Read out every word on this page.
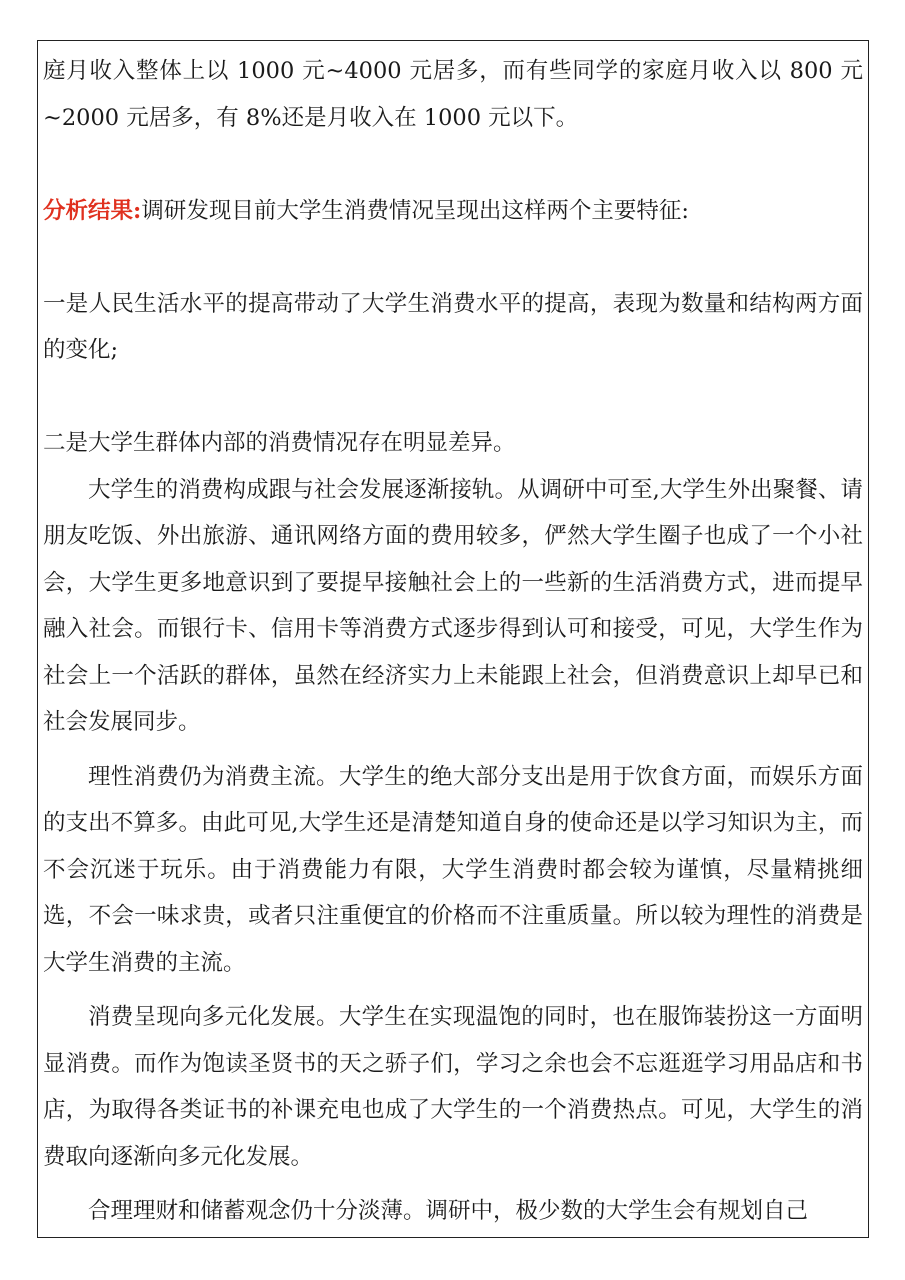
庭月收入整体上以 1000 元~4000 元居多，而有些同学的家庭月收入以 800 元~2000 元居多，有 8%还是月收入在 1000 元以下。

分析结果:调研发现目前大学生消费情况呈现出这样两个主要特征:

一是人民生活水平的提高带动了大学生消费水平的提高，表现为数量和结构两方面的变化;

二是大学生群体内部的消费情况存在明显差异。

大学生的消费构成跟与社会发展逐渐接轨。从调研中可至,大学生外出聚餐、请朋友吃饭、外出旅游、通讯网络方面的费用较多，俨然大学生圈子也成了一个小社会，大学生更多地意识到了要提早接触社会上的一些新的生活消费方式，进而提早融入社会。而银行卡、信用卡等消费方式逐步得到认可和接受，可见，大学生作为社会上一个活跃的群体，虽然在经济实力上未能跟上社会，但消费意识上却早已和社会发展同步。

理性消费仍为消费主流。大学生的绝大部分支出是用于饮食方面，而娱乐方面的支出不算多。由此可见,大学生还是清楚知道自身的使命还是以学习知识为主，而不会沉迷于玩乐。由于消费能力有限，大学生消费时都会较为谨慎，尽量精挑细选，不会一味求贵，或者只注重便宜的价格而不注重质量。所以较为理性的消费是大学生消费的主流。

消费呈现向多元化发展。大学生在实现温饱的同时，也在服饰装扮这一方面明显消费。而作为饱读圣贤书的天之骄子们，学习之余也会不忘逛逛学习用品店和书店，为取得各类证书的补课充电也成了大学生的一个消费热点。可见，大学生的消费取向逐渐向多元化发展。

合理理财和储蓄观念仍十分淡薄。调研中，极少数的大学生会有规划自己
